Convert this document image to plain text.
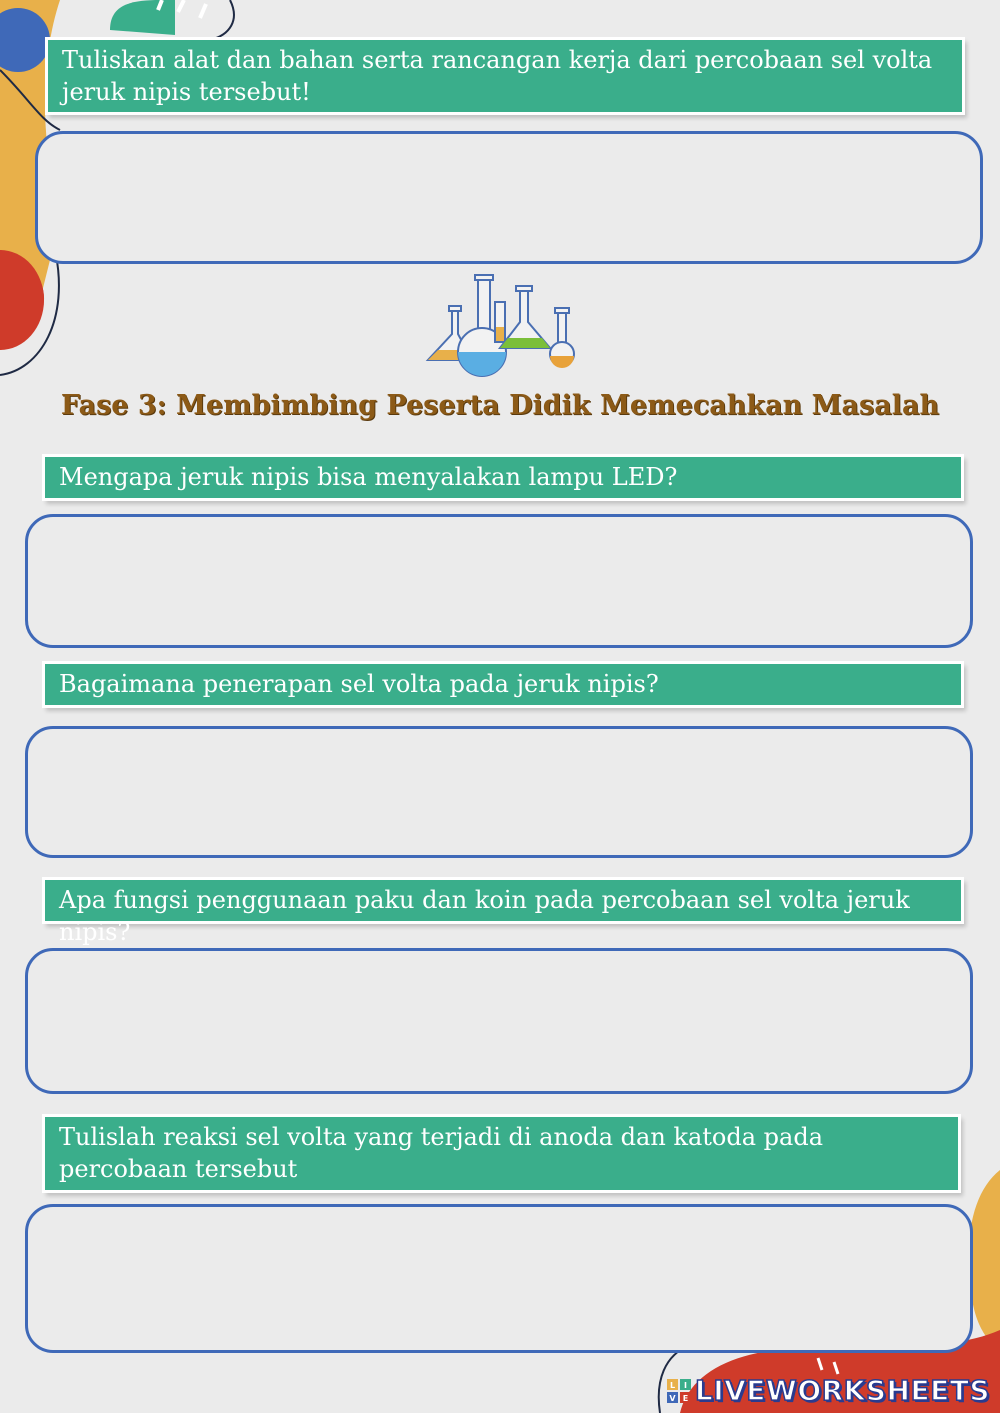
Tuliskan alat dan bahan serta rancangan kerja dari percobaan sel volta jeruk nipis tersebut!
Fase 3: Membimbing Peserta Didik Memecahkan Masalah
Mengapa jeruk nipis bisa menyalakan lampu LED?
Bagaimana penerapan sel volta pada jeruk nipis?
Apa fungsi penggunaan paku dan koin pada percobaan sel volta jeruk nipis?
Tulislah reaksi sel volta yang terjadi di anoda dan katoda pada percobaan tersebut
L I
V E LIVEWORKSHEETS
